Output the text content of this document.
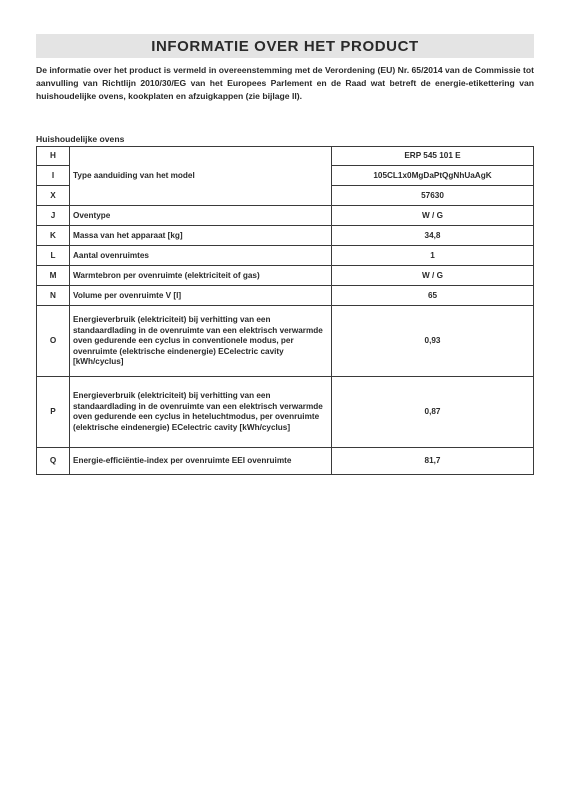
INFORMATIE OVER HET PRODUCT
De informatie over het product is vermeld in overeenstemming met de Verordening (EU) Nr. 65/2014 van de Commissie tot aanvulling van Richtlijn 2010/30/EG van het Europees Parlement en de Raad wat betreft de energie-etikettering van huishoudelijke ovens, kookplaten en afzuigkappen (zie bijlage II).
Huishoudelijke ovens
H	Type aanduiding van het model	ERP 545 101 E
I		105CL1x0MgDaPtQgNhUaAgK
X		57630
J	Oventype	W / G
K	Massa van het apparaat [kg]	34,8
L	Aantal ovenruimtes	1
M	Warmtebron per ovenruimte (elektriciteit of gas)	W / G
N	Volume per ovenruimte V [l]	65
O	Energieverbruik (elektriciteit) bij verhitting van een standaardlading in de ovenruimte van een elektrisch verwarmde oven gedurende een cyclus in conventionele modus, per ovenruimte (elektrische eindenergie) ECelectric cavity [kWh/cyclus]	0,93
P	Energieverbruik (elektriciteit) bij verhitting van een standaardlading in de ovenruimte van een elektrisch verwarmde oven gedurende een cyclus in heteluchtmodus, per ovenruimte (elektrische eindenergie) ECelectric cavity [kWh/cyclus]	0,87
Q	Energie-efficiëntie-index per ovenruimte EEI ovenruimte	81,7
